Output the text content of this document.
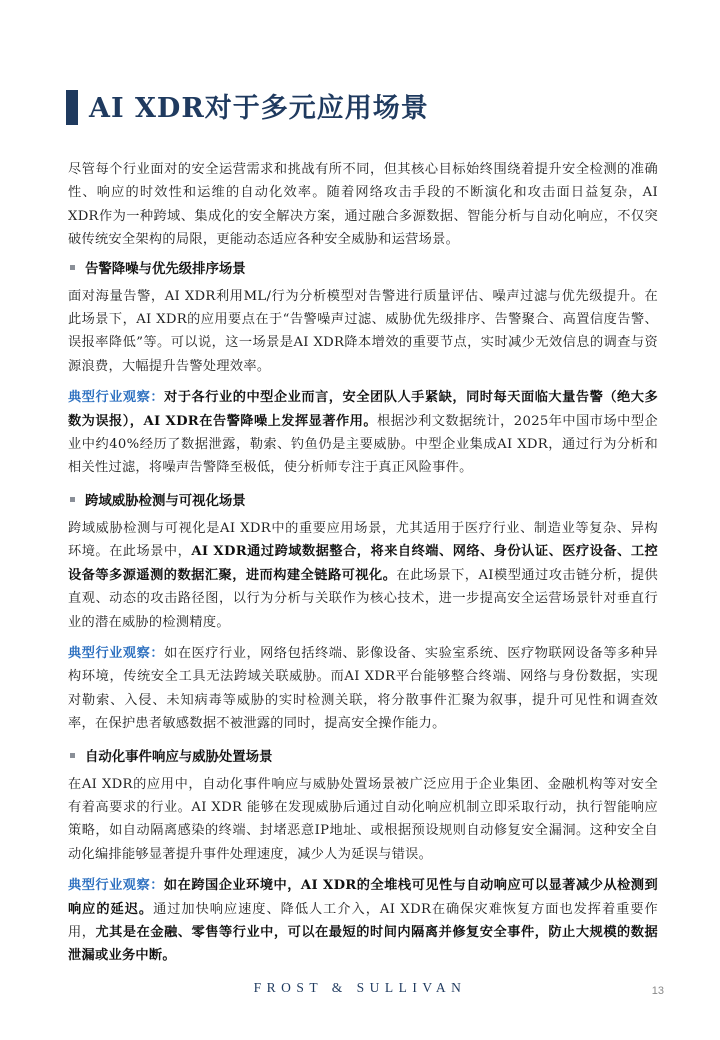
AI XDR对于多元应用场景

尽管每个行业面对的安全运营需求和挑战有所不同，但其核心目标始终围绕着提升安全检测的准确性、响应的时效性和运维的自动化效率。随着网络攻击手段的不断演化和攻击面日益复杂，AI XDR作为一种跨域、集成化的安全解决方案，通过融合多源数据、智能分析与自动化响应，不仅突破传统安全架构的局限，更能动态适应各种安全威胁和运营场景。

告警降噪与优先级排序场景

面对海量告警，AI XDR利用ML/行为分析模型对告警进行质量评估、噪声过滤与优先级提升。在此场景下，AI XDR的应用要点在于“告警噪声过滤、威胁优先级排序、告警聚合、高置信度告警、误报率降低”等。可以说，这一场景是AI XDR降本增效的重要节点，实时减少无效信息的调查与资源浪费，大幅提升告警处理效率。

典型行业观察：对于各行业的中型企业而言，安全团队人手紧缺，同时每天面临大量告警（绝大多数为误报），AI XDR在告警降噪上发挥显著作用。根据沙利文数据统计，2025年中国市场中型企业中约40%经历了数据泄露，勒索、钓鱼仍是主要威胁。中型企业集成AI XDR，通过行为分析和相关性过滤，将噪声告警降至极低，使分析师专注于真正风险事件。

跨域威胁检测与可视化场景

跨域威胁检测与可视化是AI XDR中的重要应用场景，尤其适用于医疗行业、制造业等复杂、异构环境。在此场景中，AI XDR通过跨域数据整合，将来自终端、网络、身份认证、医疗设备、工控设备等多源遥测的数据汇聚，进而构建全链路可视化。在此场景下，AI模型通过攻击链分析，提供直观、动态的攻击路径图，以行为分析与关联作为核心技术，进一步提高安全运营场景针对垂直行业的潜在威胁的检测精度。

典型行业观察：如在医疗行业，网络包括终端、影像设备、实验室系统、医疗物联网设备等多种异构环境，传统安全工具无法跨域关联威胁。而AI XDR平台能够整合终端、网络与身份数据，实现对勒索、入侵、未知病毒等威胁的实时检测关联，将分散事件汇聚为叙事，提升可见性和调查效率，在保护患者敏感数据不被泄露的同时，提高安全操作能力。

自动化事件响应与威胁处置场景

在AI XDR的应用中，自动化事件响应与威胁处置场景被广泛应用于企业集团、金融机构等对安全有着高要求的行业。AI XDR 能够在发现威胁后通过自动化响应机制立即采取行动，执行智能响应策略，如自动隔离感染的终端、封堵恶意IP地址、或根据预设规则自动修复安全漏洞。这种安全自动化编排能够显著提升事件处理速度，减少人为延误与错误。

典型行业观察：如在跨国企业环境中，AI XDR的全堆栈可见性与自动响应可以显著减少从检测到响应的延迟。通过加快响应速度、降低人工介入，AI XDR在确保灾难恢复方面也发挥着重要作用，尤其是在金融、零售等行业中，可以在最短的时间内隔离并修复安全事件，防止大规模的数据泄漏或业务中断。

FROST & SULLIVAN	13
